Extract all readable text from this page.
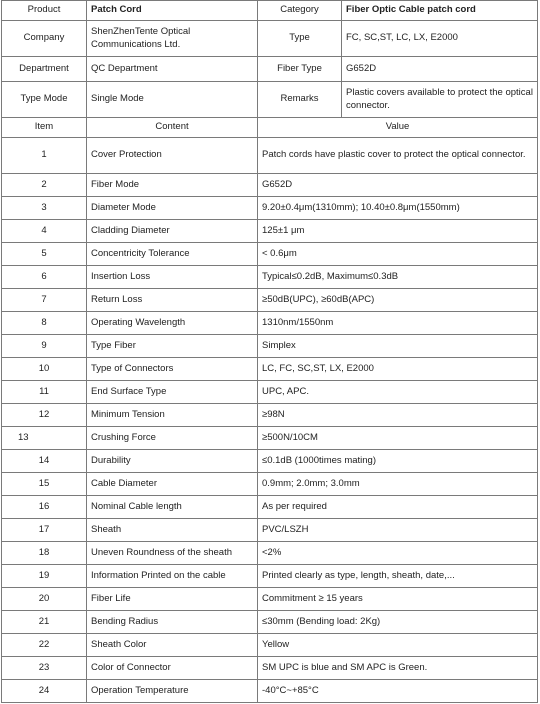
Product	Patch Cord	Category	Fiber Optic Cable patch cord
Company	ShenZhenTente Optical Communications Ltd.	Type	FC, SC,ST, LC, LX, E2000
Department	QC Department	Fiber Type	G652D
Type Mode	Single Mode	Remarks	Plastic covers available to protect the optical connector.
Item	Content	Value	
1	Cover Protection	Patch cords have plastic cover to protect the optical connector.	
2	Fiber Mode	G652D	
3	Diameter Mode	9.20±0.4μm(1310mm); 10.40±0.8μm(1550mm)	
4	Cladding Diameter	125±1 μm	
5	Concentricity Tolerance	< 0.6μm	
6	Insertion Loss	Typical≤0.2dB, Maximum≤0.3dB	
7	Return Loss	≥50dB(UPC), ≥60dB(APC)	
8	Operating Wavelength	1310nm/1550nm	
9	Type Fiber	Simplex	
10	Type of Connectors	LC, FC, SC,ST, LX, E2000	
11	End Surface Type	UPC, APC.	
12	Minimum Tension	≥98N	
13	Crushing Force	≥500N/10CM	
14	Durability	≤0.1dB (1000times mating)	
15	Cable Diameter	0.9mm; 2.0mm; 3.0mm	
16	Nominal Cable length	As per required	
17	Sheath	PVC/LSZH	
18	Uneven Roundness of the sheath	<2%	
19	Information Printed on the cable	Printed clearly as type, length, sheath, date,...	
20	Fiber Life	Commitment ≥ 15 years	
21	Bending Radius	≤30mm (Bending load: 2Kg)	
22	Sheath Color	Yellow	
23	Color of Connector	SM UPC is blue and SM APC is Green.	
24	Operation Temperature	-40°C~+85°C	
